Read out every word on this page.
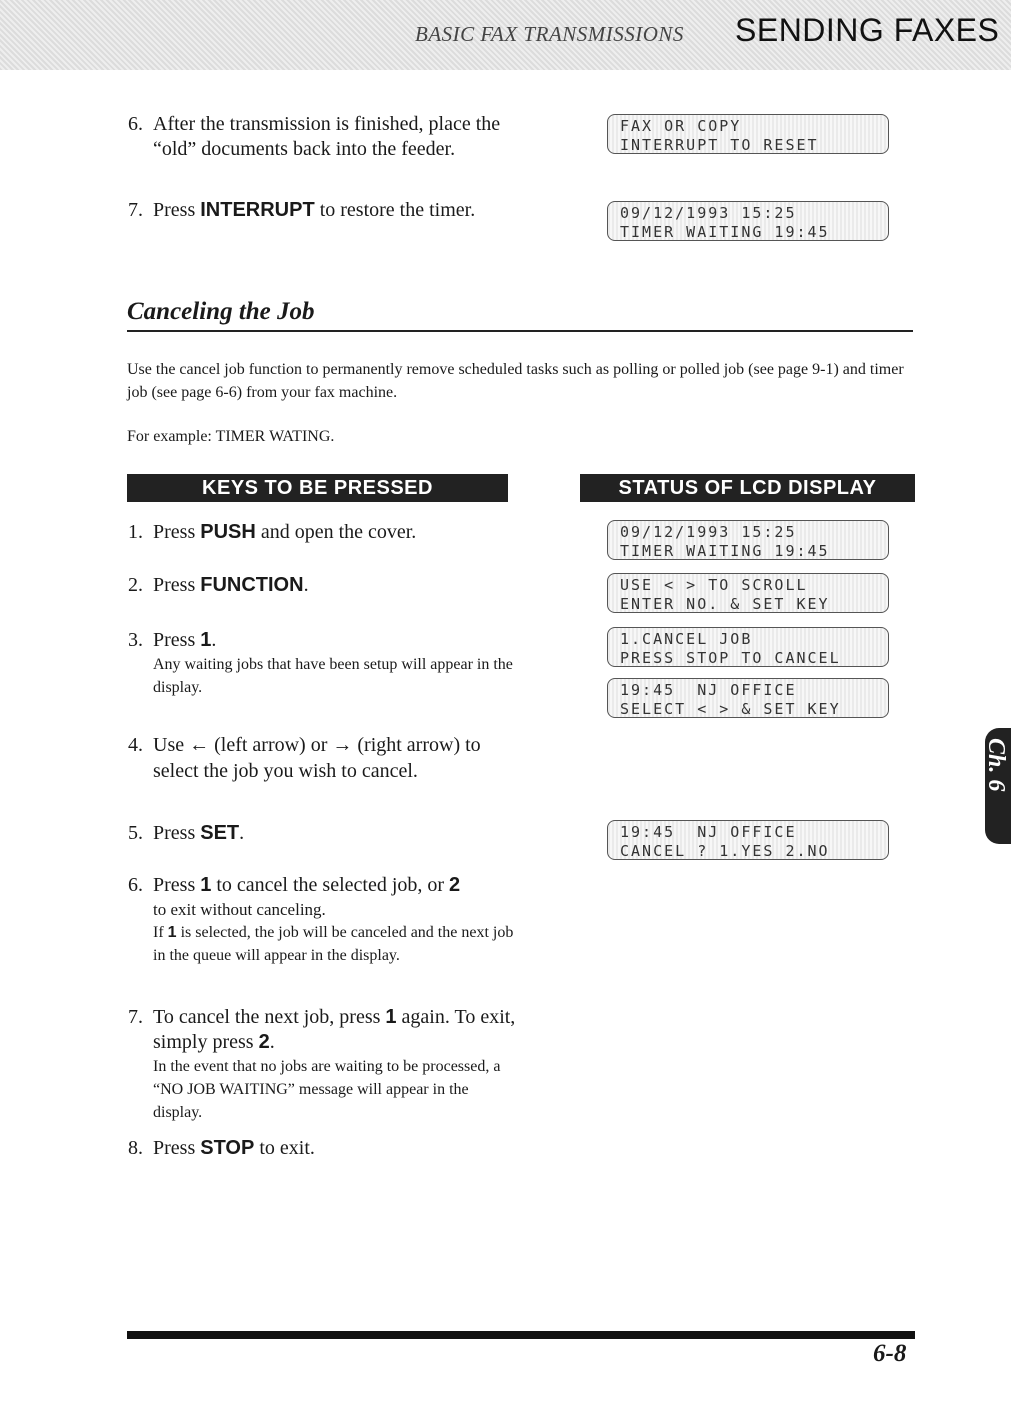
BASIC FAX TRANSMISSIONS SENDING FAXES
6. After the transmission is finished, place the “old” documents back into the feeder.
FAX OR COPY
INTERRUPT TO RESET
7. Press INTERRUPT to restore the timer.	09/12/1993 15:25
TIMER WAITING 19:45
Canceling the Job
Use the cancel job function to permanently remove scheduled tasks such as polling or polled job (see page 9-1) and timer job (see page 6-6) from your fax machine.
For example: TIMER WATING.
KEYS TO BE PRESSED	STATUS OF LCD DISPLAY
1. Press PUSH and open the cover.
2. Press FUNCTION.
3. Press 1.
Any waiting jobs that have been setup will appear in the display.
4. Use ← (left arrow) or → (right arrow) to select the job you wish to cancel.
5. Press SET.
6. Press 1 to cancel the selected job, or 2
to exit without canceling.
If 1 is selected, the job will be canceled and the next job in the queue will appear in the display.
7. To cancel the next job, press 1 again. To exit, simply press 2.
In the event that no jobs are waiting to be processed, a “NO JOB WAITING” message will appear in the display.
8. Press STOP to exit.
09/12/1993 15:25
TIMER WAITING 19:45
USE < > TO SCROLL
ENTER NO. & SET KEY
1.CANCEL JOB
PRESS STOP TO CANCEL
19:45  NJ OFFICE
SELECT < > & SET KEY
19:45  NJ OFFICE
CANCEL ? 1.YES 2.NO
Ch. 6
6-8
